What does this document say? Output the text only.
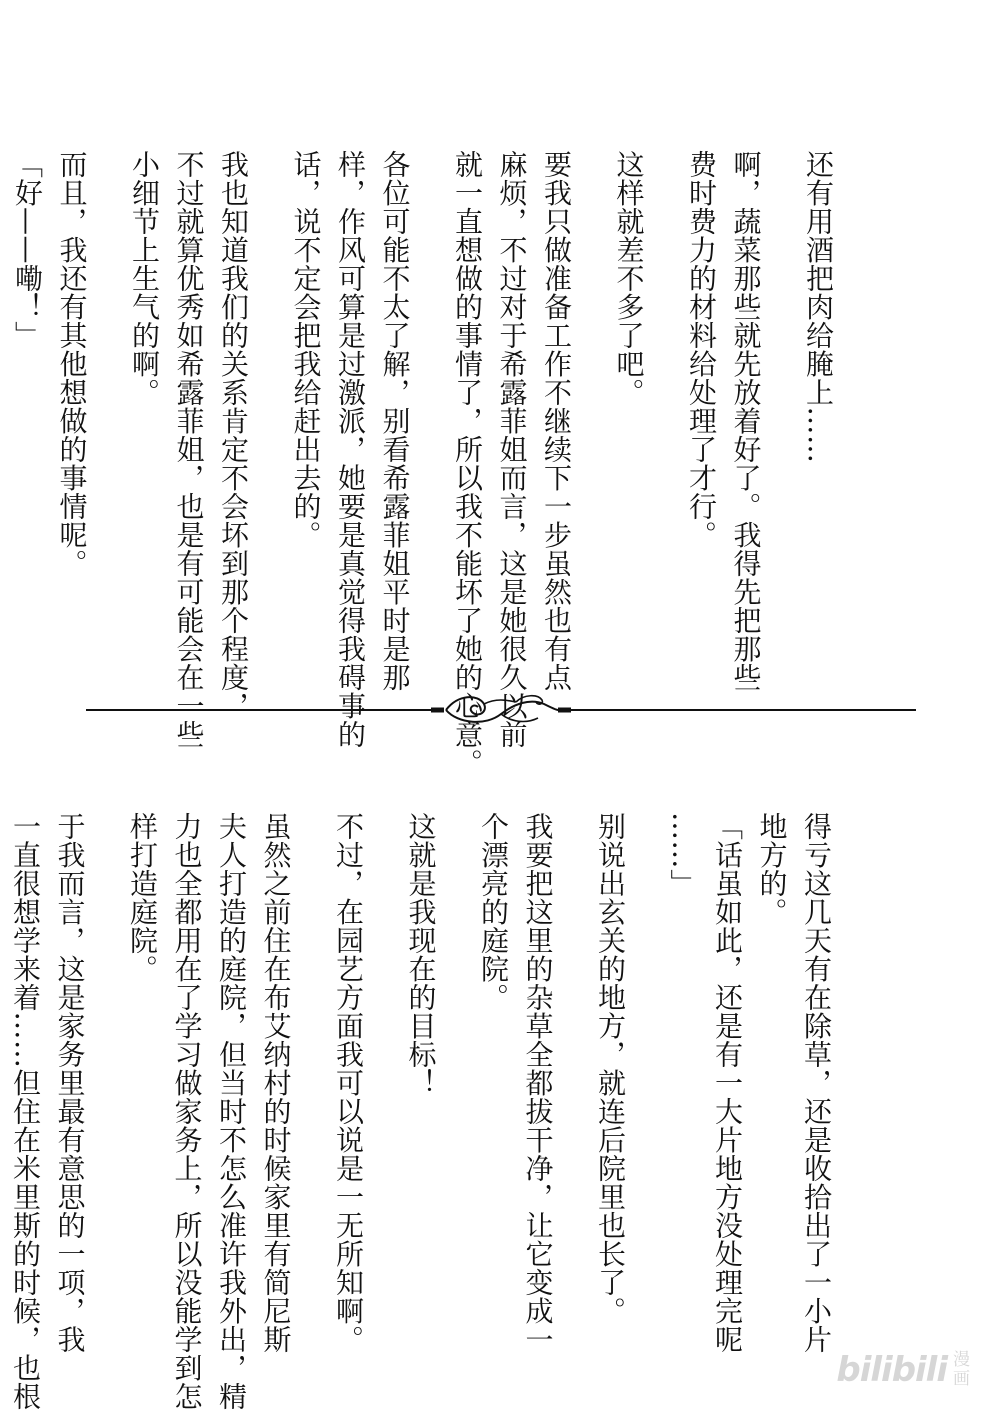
还有用酒把肉给腌上……
啊，蔬菜那些就先放着好了。我得先把那些
费时费力的材料给处理了才行。
这样就差不多了吧。
要我只做准备工作不继续下一步虽然也有点
麻烦，不过对于希露菲姐而言，这是她很久以前
就一直想做的事情了，所以我不能坏了她的心意。
各位可能不太了解，别看希露菲姐平时是那
样，作风可算是过激派，她要是真觉得我碍事的
话，说不定会把我给赶出去的。
我也知道我们的关系肯定不会坏到那个程度，
不过就算优秀如希露菲姐，也是有可能会在一些
小细节上生气的啊。
而且，我还有其他想做的事情呢。
「好——嘞！」
得亏这几天有在除草，还是收拾出了一小片
地方的。
「话虽如此，还是有一大片地方没处理完呢
……」
别说出玄关的地方，就连后院里也长了。
我要把这里的杂草全都拔干净，让它变成一
个漂亮的庭院。
这就是我现在的目标！
不过，在园艺方面我可以说是一无所知啊。
虽然之前住在布艾纳村的时候家里有简尼斯
夫人打造的庭院，但当时不怎么准许我外出，精
力也全都用在了学习做家务上，所以没能学到怎
样打造庭院。
于我而言，这是家务里最有意思的一项，我
一直很想学来着……但住在米里斯的时候，也根	bilibili 漫
画
